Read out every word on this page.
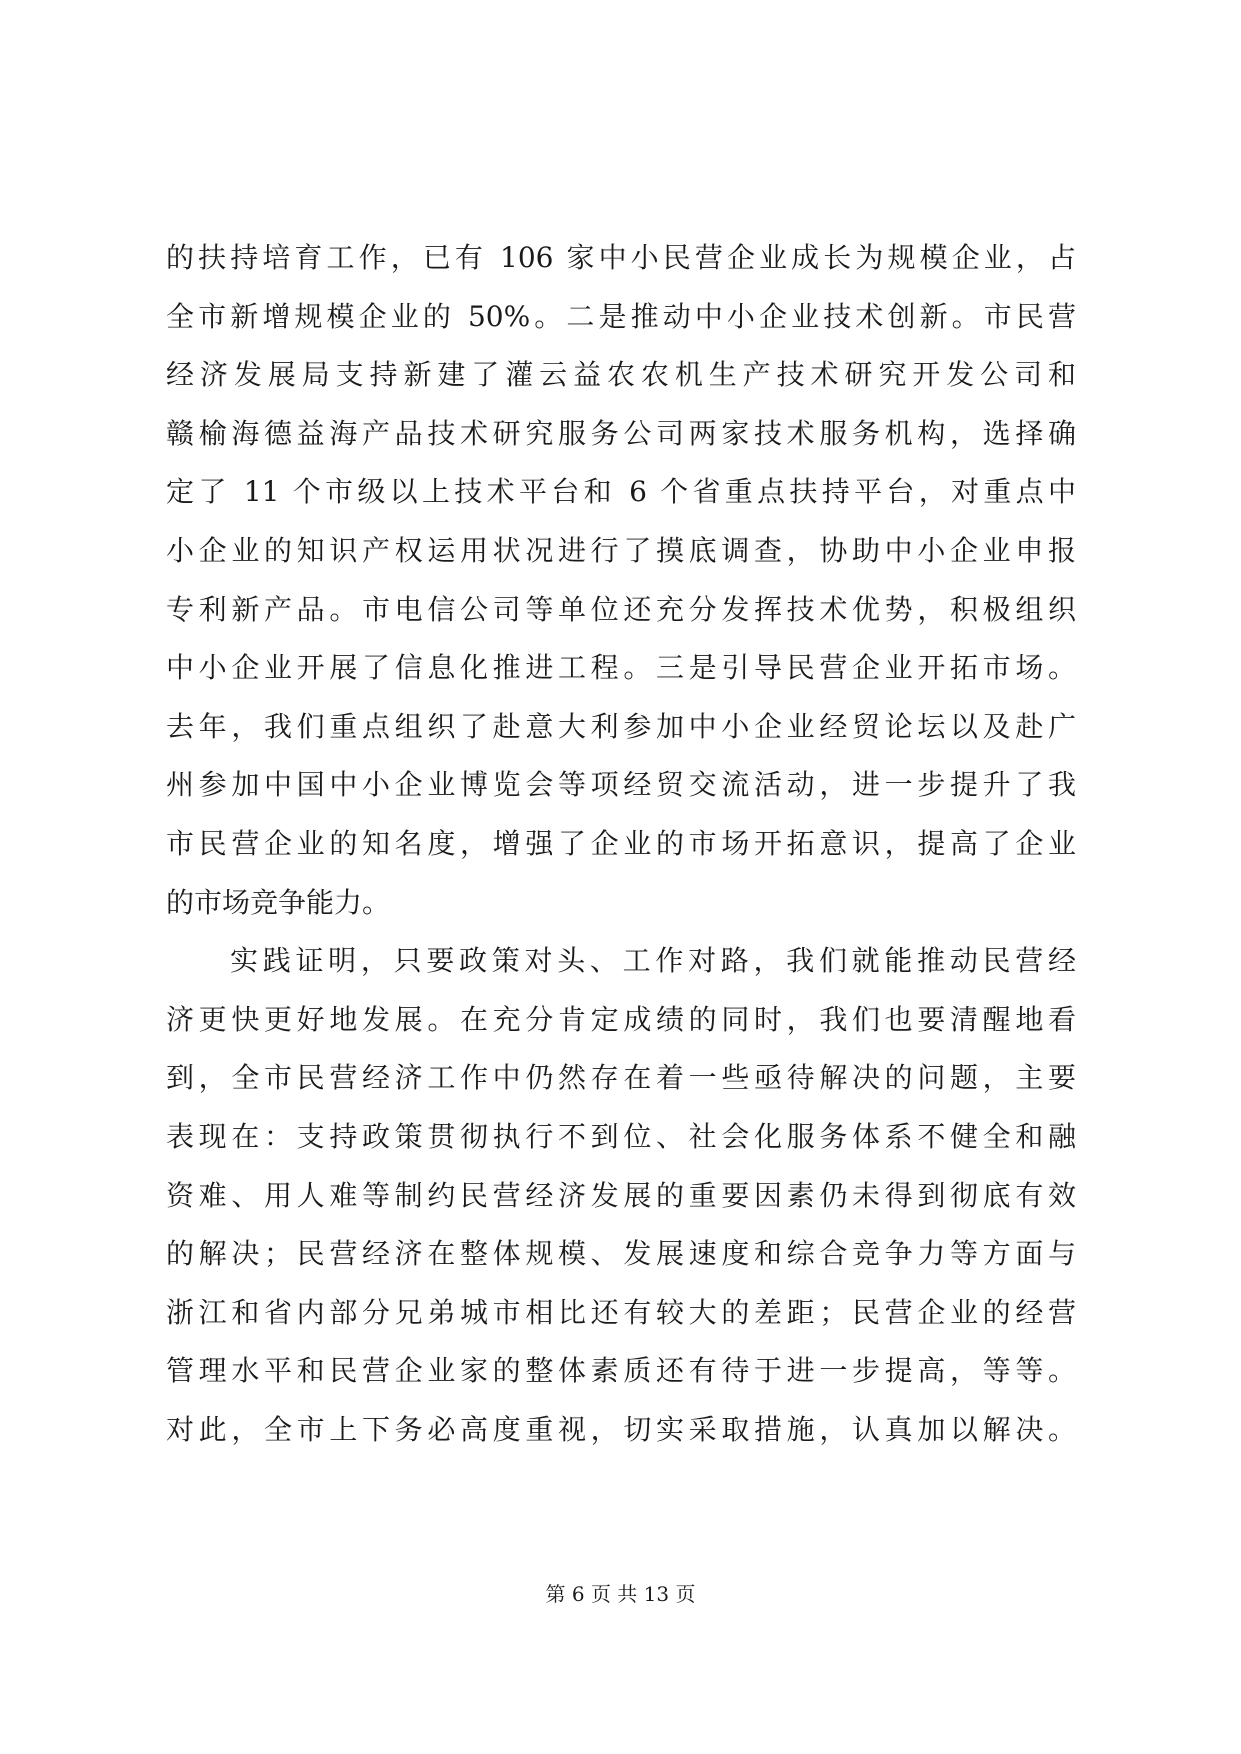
的扶持培育工作，已有 106 家中小民营企业成长为规模企业，占
全市新增规模企业的 50%。二是推动中小企业技术创新。市民营
经济发展局支持新建了灌云益农农机生产技术研究开发公司和
赣榆海德益海产品技术研究服务公司两家技术服务机构，选择确
定了 11 个市级以上技术平台和 6 个省重点扶持平台，对重点中
小企业的知识产权运用状况进行了摸底调查，协助中小企业申报
专利新产品。市电信公司等单位还充分发挥技术优势，积极组织
中小企业开展了信息化推进工程。三是引导民营企业开拓市场。
去年，我们重点组织了赴意大利参加中小企业经贸论坛以及赴广
州参加中国中小企业博览会等项经贸交流活动，进一步提升了我
市民营企业的知名度，增强了企业的市场开拓意识，提高了企业
的市场竞争能力。
实践证明，只要政策对头、工作对路，我们就能推动民营经
济更快更好地发展。在充分肯定成绩的同时，我们也要清醒地看
到，全市民营经济工作中仍然存在着一些亟待解决的问题，主要
表现在：支持政策贯彻执行不到位、社会化服务体系不健全和融
资难、用人难等制约民营经济发展的重要因素仍未得到彻底有效
的解决；民营经济在整体规模、发展速度和综合竞争力等方面与
浙江和省内部分兄弟城市相比还有较大的差距；民营企业的经营
管理水平和民营企业家的整体素质还有待于进一步提高，等等。
对此，全市上下务必高度重视，切实采取措施，认真加以解决。
第 6 页 共 13 页
